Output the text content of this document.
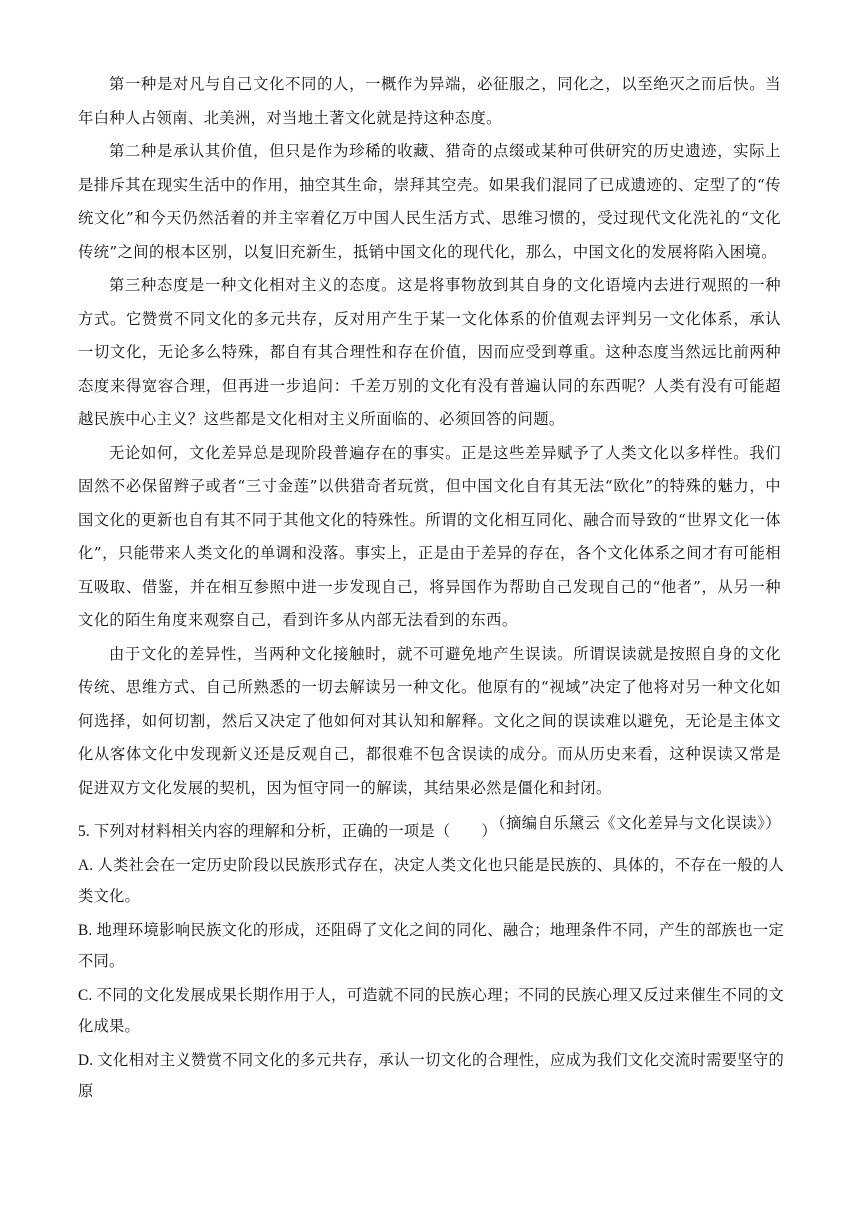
第一种是对凡与自己文化不同的人，一概作为异端，必征服之，同化之，以至绝灭之而后快。当年白种人占领南、北美洲，对当地土著文化就是持这种态度。

第二种是承认其价值，但只是作为珍稀的收藏、猎奇的点缀或某种可供研究的历史遗迹，实际上是排斥其在现实生活中的作用，抽空其生命，崇拜其空壳。如果我们混同了已成遗迹的、定型了的“传统文化”和今天仍然活着的并主宰着亿万中国人民生活方式、思维习惯的，受过现代文化洗礼的“文化传统”之间的根本区别，以复旧充新生，抵销中国文化的现代化，那么，中国文化的发展将陷入困境。

第三种态度是一种文化相对主义的态度。这是将事物放到其自身的文化语境内去进行观照的一种方式。它赞赏不同文化的多元共存，反对用产生于某一文化体系的价值观去评判另一文化体系，承认一切文化，无论多么特殊，都自有其合理性和存在价值，因而应受到尊重。这种态度当然远比前两种态度来得宽容合理，但再进一步追问：千差万别的文化有没有普遍认同的东西呢？人类有没有可能超越民族中心主义？这些都是文化相对主义所面临的、必须回答的问题。

无论如何，文化差异总是现阶段普遍存在的事实。正是这些差异赋予了人类文化以多样性。我们固然不必保留辫子或者“三寸金莲”以供猎奇者玩赏，但中国文化自有其无法“欧化”的特殊的魅力，中国文化的更新也自有其不同于其他文化的特殊性。所谓的文化相互同化、融合而导致的“世界文化一体化”，只能带来人类文化的单调和没落。事实上，正是由于差异的存在，各个文化体系之间才有可能相互吸取、借鉴，并在相互参照中进一步发现自己，将异国作为帮助自己发现自己的“他者”，从另一种文化的陌生角度来观察自己，看到许多从内部无法看到的东西。

由于文化的差异性，当两种文化接触时，就不可避免地产生误读。所谓误读就是按照自身的文化传统、思维方式、自己所熟悉的一切去解读另一种文化。他原有的“视域”决定了他将对另一种文化如何选择，如何切割，然后又决定了他如何对其认知和解释。文化之间的误读难以避免，无论是主体文化从客体文化中发现新义还是反观自己，都很难不包含误读的成分。而从历史来看，这种误读又常是促进双方文化发展的契机，因为恒守同一的解读，其结果必然是僵化和封闭。

（摘编自乐黛云《文化差异与文化误读》）

5. 下列对材料相关内容的理解和分析，正确的一项是（　　）

A. 人类社会在一定历史阶段以民族形式存在，决定人类文化也只能是民族的、具体的，不存在一般的人类文化。

B. 地理环境影响民族文化的形成，还阻碍了文化之间的同化、融合；地理条件不同，产生的部族也一定不同。

C. 不同的文化发展成果长期作用于人，可造就不同的民族心理；不同的民族心理又反过来催生不同的文化成果。

D. 文化相对主义赞赏不同文化的多元共存，承认一切文化的合理性，应成为我们文化交流时需要坚守的原
